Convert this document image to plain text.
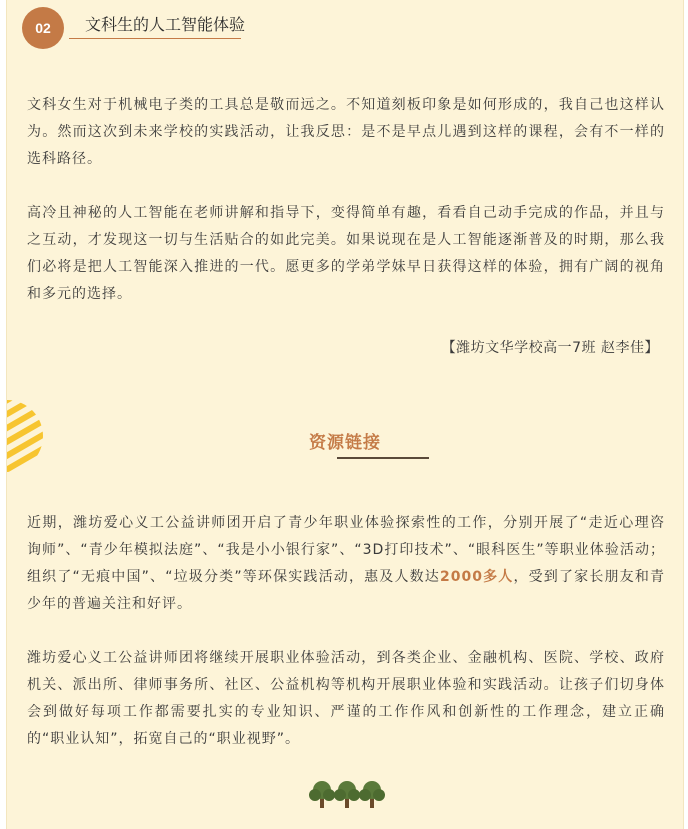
02	文科生的人工智能体验

文科女生对于机械电子类的工具总是敬而远之。不知道刻板印象是如何形成的，我自己也这样认为。然而这次到未来学校的实践活动，让我反思：是不是早点儿遇到这样的课程，会有不一样的选科路径。

高冷且神秘的人工智能在老师讲解和指导下，变得简单有趣，看看自己动手完成的作品，并且与之互动，才发现这一切与生活贴合的如此完美。如果说现在是人工智能逐渐普及的时期，那么我们必将是把人工智能深入推进的一代。愿更多的学弟学妹早日获得这样的体验，拥有广阔的视角和多元的选择。

【潍坊文华学校高一7班 赵李佳】
资源链接

近期，潍坊爱心义工公益讲师团开启了青少年职业体验探索性的工作，分别开展了“走近心理咨询师”、“青少年模拟法庭”、“我是小小银行家”、“3D打印技术”、“眼科医生”等职业体验活动；组织了“无痕中国”、“垃圾分类”等环保实践活动，惠及人数达2000多人，受到了家长朋友和青少年的普遍关注和好评。

潍坊爱心义工公益讲师团将继续开展职业体验活动，到各类企业、金融机构、医院、学校、政府机关、派出所、律师事务所、社区、公益机构等机构开展职业体验和实践活动。让孩子们切身体会到做好每项工作都需要扎实的专业知识、严谨的工作作风和创新性的工作理念，建立正确的“职业认知”，拓宽自己的“职业视野”。
